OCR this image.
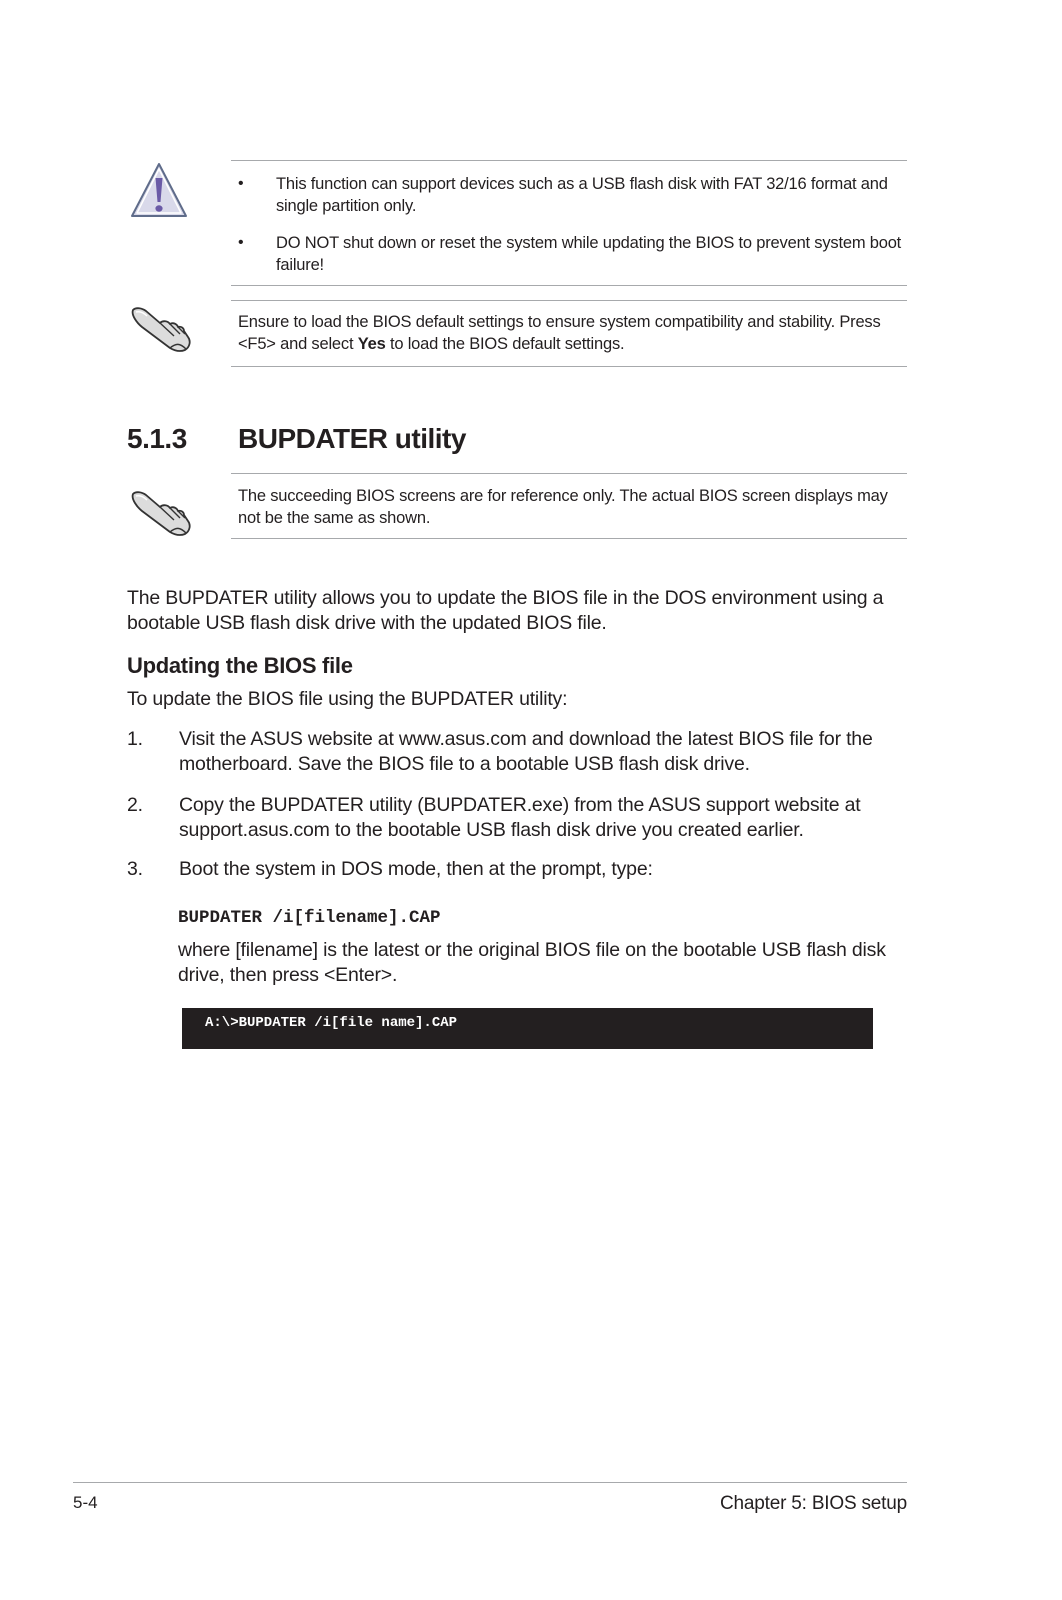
• This function can support devices such as a USB flash disk with FAT 32/16 format and single partition only.
• DO NOT shut down or reset the system while updating the BIOS to prevent system boot failure!
Ensure to load the BIOS default settings to ensure system compatibility and stability. Press <F5> and select Yes to load the BIOS default settings.
5.1.3 BUPDATER utility
The succeeding BIOS screens are for reference only. The actual BIOS screen displays may not be the same as shown.
The BUPDATER utility allows you to update the BIOS file in the DOS environment using a bootable USB flash disk drive with the updated BIOS file.
Updating the BIOS file
To update the BIOS file using the BUPDATER utility:
1. Visit the ASUS website at www.asus.com and download the latest BIOS file for the motherboard. Save the BIOS file to a bootable USB flash disk drive.
2. Copy the BUPDATER utility (BUPDATER.exe) from the ASUS support website at support.asus.com to the bootable USB flash disk drive you created earlier.
3. Boot the system in DOS mode, then at the prompt, type:
BUPDATER /i[filename].CAP
where [filename] is the latest or the original BIOS file on the bootable USB flash disk drive, then press <Enter>.
A:\>BUPDATER /i[file name].CAP
5-4	Chapter 5: BIOS setup
